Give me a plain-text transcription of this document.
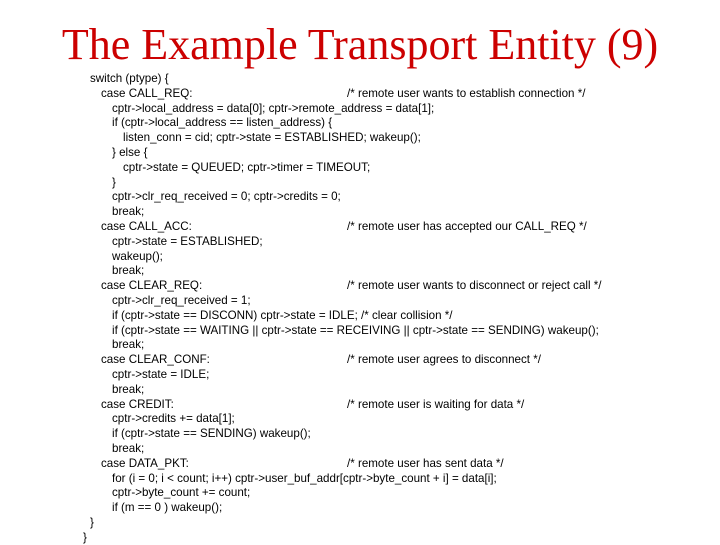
The Example Transport Entity (9)
switch (ptype) {
case CALL_REQ:	/* remote user wants to establish connection */
cptr->local_address = data[0]; cptr->remote_address = data[1];
if (cptr->local_address == listen_address) {
listen_conn = cid; cptr->state = ESTABLISHED; wakeup();
} else {
cptr->state = QUEUED; cptr->timer = TIMEOUT;
}
cptr->clr_req_received = 0; cptr->credits = 0;
break;
case CALL_ACC:	/* remote user has accepted our CALL_REQ */
cptr->state = ESTABLISHED;
wakeup();
break;
case CLEAR_REQ:	/* remote user wants to disconnect or reject call */
cptr->clr_req_received = 1;
if (cptr->state == DISCONN) cptr->state = IDLE; /* clear collision */
if (cptr->state == WAITING || cptr->state == RECEIVING || cptr->state == SENDING) wakeup();
break;
case CLEAR_CONF:	/* remote user agrees to disconnect */
cptr->state = IDLE;
break;
case CREDIT:	/* remote user is waiting for data */
cptr->credits += data[1];
if (cptr->state == SENDING) wakeup();
break;
case DATA_PKT:	/* remote user has sent data */
for (i = 0; i < count; i++) cptr->user_buf_addr[cptr->byte_count + i] = data[i];
cptr->byte_count += count;
if (m == 0 ) wakeup();
}
}
